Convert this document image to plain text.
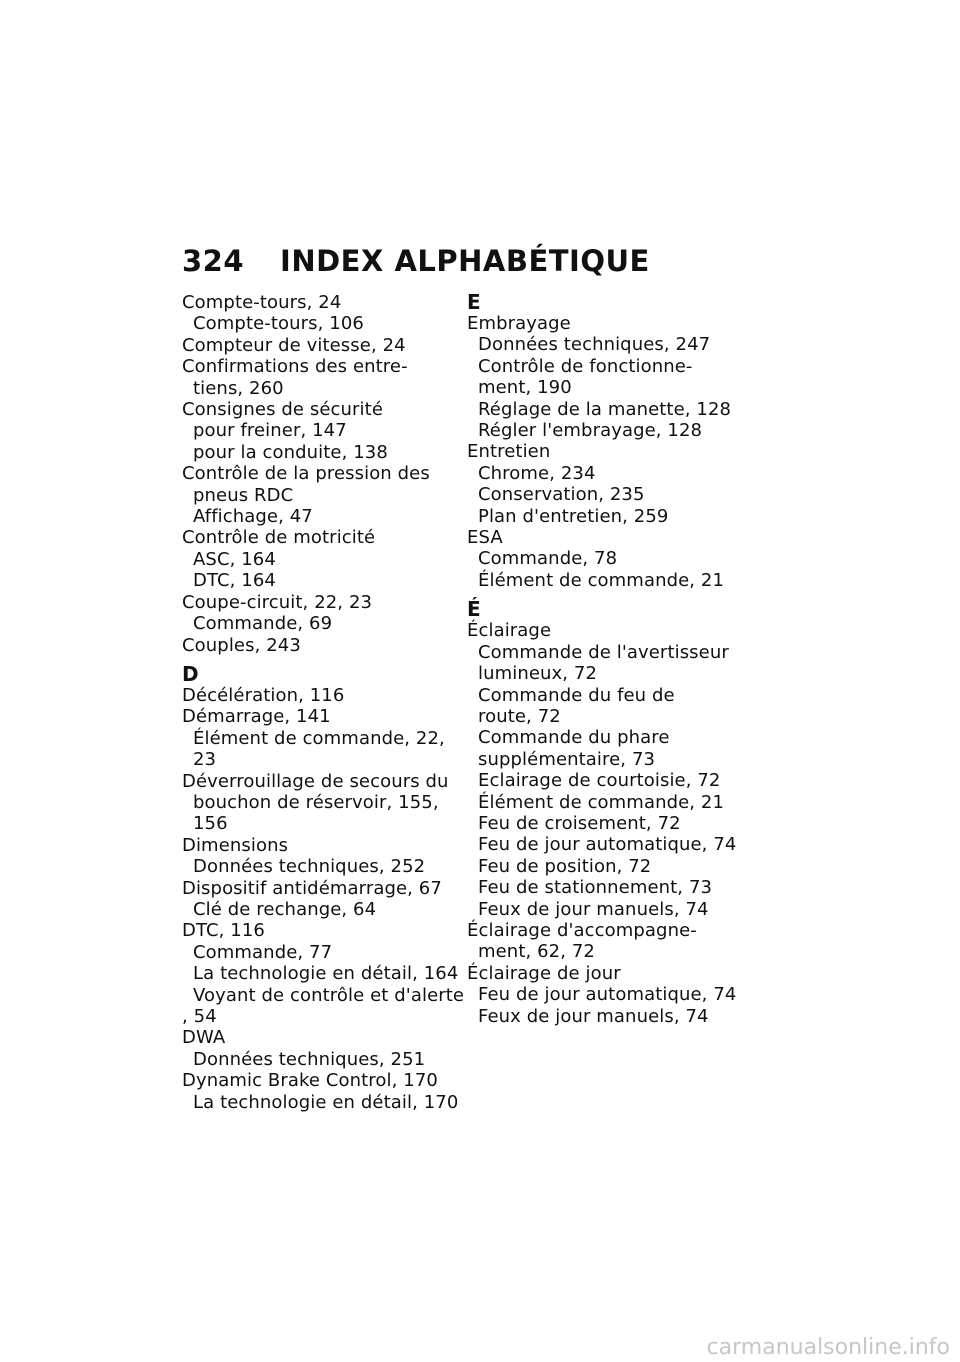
324 INDEX ALPHABÉTIQUE
Compte-tours, 24
Compte-tours, 106
Compteur de vitesse, 24
Confirmations des entre-
tiens, 260
Consignes de sécurité
pour freiner, 147
pour la conduite, 138
Contrôle de la pression des
pneus RDC
Affichage, 47
Contrôle de motricité
ASC, 164
DTC, 164
Coupe-circuit, 22, 23
Commande, 69
Couples, 243
D
Décélération, 116
Démarrage, 141
Élément de commande, 22,
23
Déverrouillage de secours du
bouchon de réservoir, 155,
156
Dimensions
Données techniques, 252
Dispositif antidémarrage, 67
Clé de rechange, 64
DTC, 116
Commande, 77
La technologie en détail, 164
Voyant de contrôle et d'alerte
, 54
DWA
Données techniques, 251
Dynamic Brake Control, 170
La technologie en détail, 170
E
Embrayage
Données techniques, 247
Contrôle de fonctionne-
ment, 190
Réglage de la manette, 128
Régler l'embrayage, 128
Entretien
Chrome, 234
Conservation, 235
Plan d'entretien, 259
ESA
Commande, 78
Élément de commande, 21
É
Éclairage
Commande de l'avertisseur
lumineux, 72
Commande du feu de
route, 72
Commande du phare
supplémentaire, 73
Eclairage de courtoisie, 72
Élément de commande, 21
Feu de croisement, 72
Feu de jour automatique, 74
Feu de position, 72
Feu de stationnement, 73
Feux de jour manuels, 74
Éclairage d'accompagne-
ment, 62, 72
Éclairage de jour
Feu de jour automatique, 74
Feux de jour manuels, 74
carmanualsonline.info
